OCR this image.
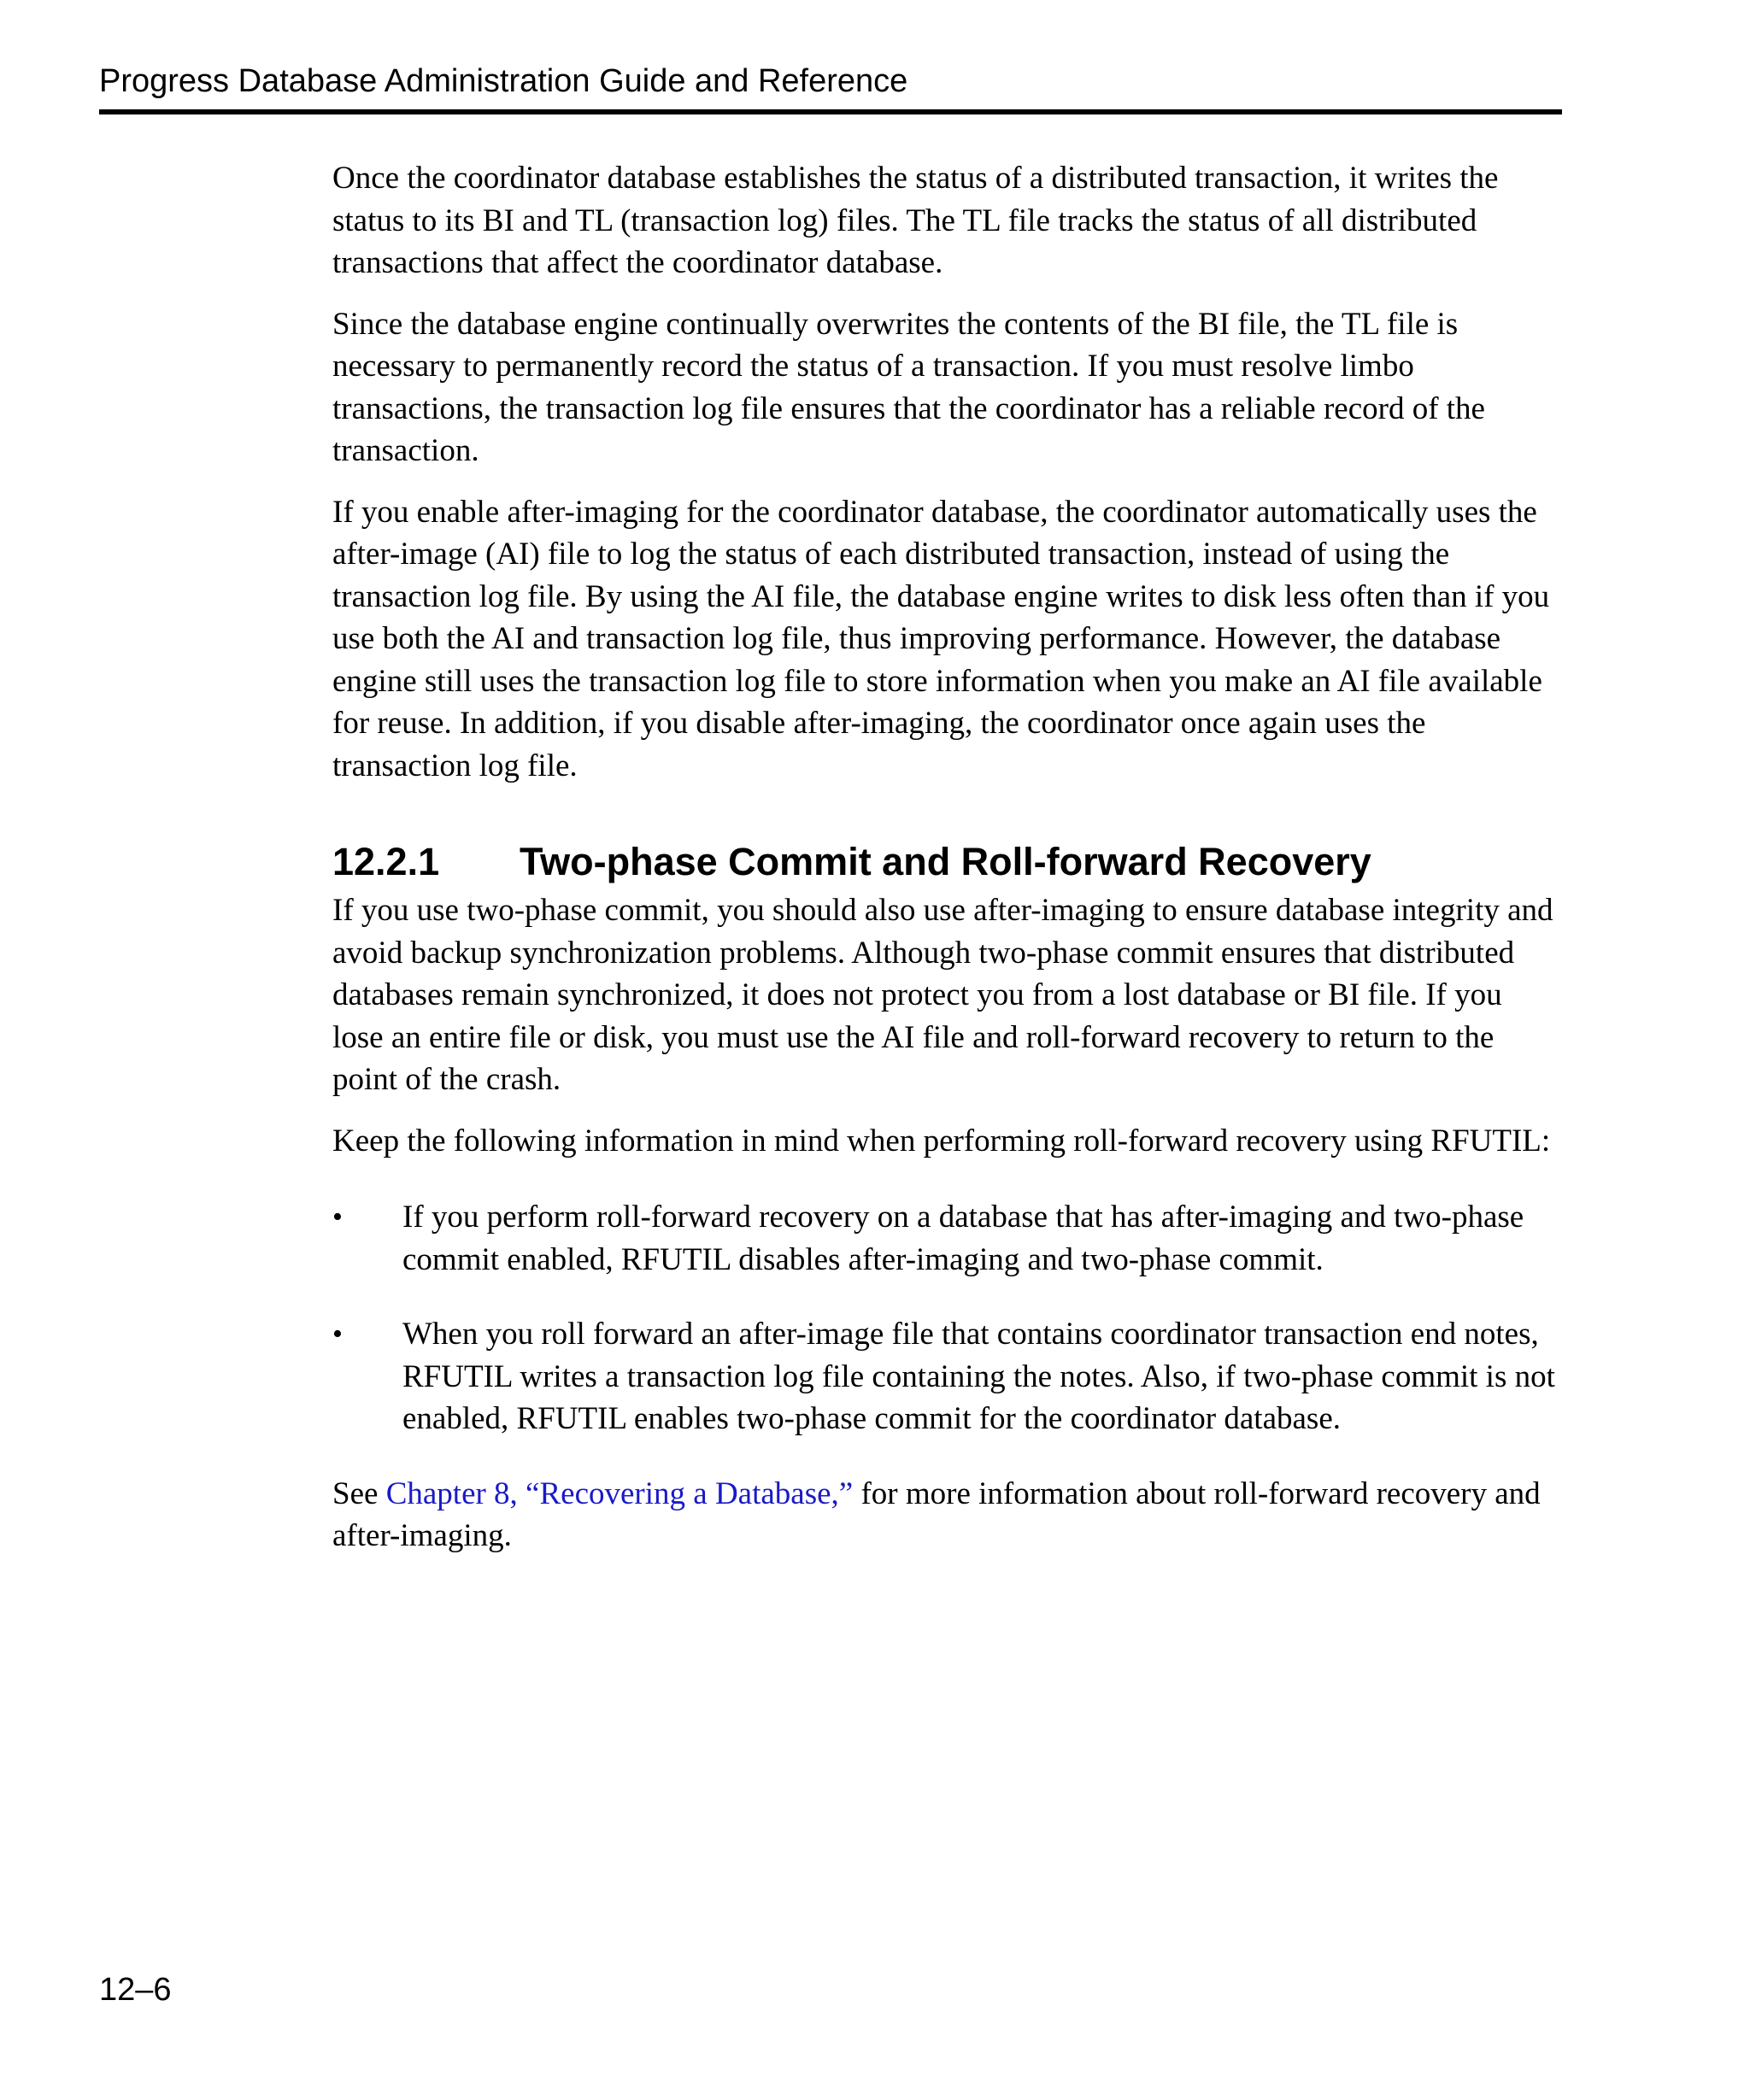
Progress Database Administration Guide and Reference

Once the coordinator database establishes the status of a distributed transaction, it writes the status to its BI and TL (transaction log) files. The TL file tracks the status of all distributed transactions that affect the coordinator database.

Since the database engine continually overwrites the contents of the BI file, the TL file is necessary to permanently record the status of a transaction. If you must resolve limbo transactions, the transaction log file ensures that the coordinator has a reliable record of the transaction.

If you enable after-imaging for the coordinator database, the coordinator automatically uses the after-image (AI) file to log the status of each distributed transaction, instead of using the transaction log file. By using the AI file, the database engine writes to disk less often than if you use both the AI and transaction log file, thus improving performance. However, the database engine still uses the transaction log file to store information when you make an AI file available for reuse. In addition, if you disable after-imaging, the coordinator once again uses the transaction log file.

12.2.1 Two-phase Commit and Roll-forward Recovery

If you use two-phase commit, you should also use after-imaging to ensure database integrity and avoid backup synchronization problems. Although two-phase commit ensures that distributed databases remain synchronized, it does not protect you from a lost database or BI file. If you lose an entire file or disk, you must use the AI file and roll-forward recovery to return to the point of the crash.

Keep the following information in mind when performing roll-forward recovery using RFUTIL:

• If you perform roll-forward recovery on a database that has after-imaging and two-phase commit enabled, RFUTIL disables after-imaging and two-phase commit.
• When you roll forward an after-image file that contains coordinator transaction end notes, RFUTIL writes a transaction log file containing the notes. Also, if two-phase commit is not enabled, RFUTIL enables two-phase commit for the coordinator database.

See Chapter 8, “Recovering a Database,” for more information about roll-forward recovery and after-imaging.

12–6
